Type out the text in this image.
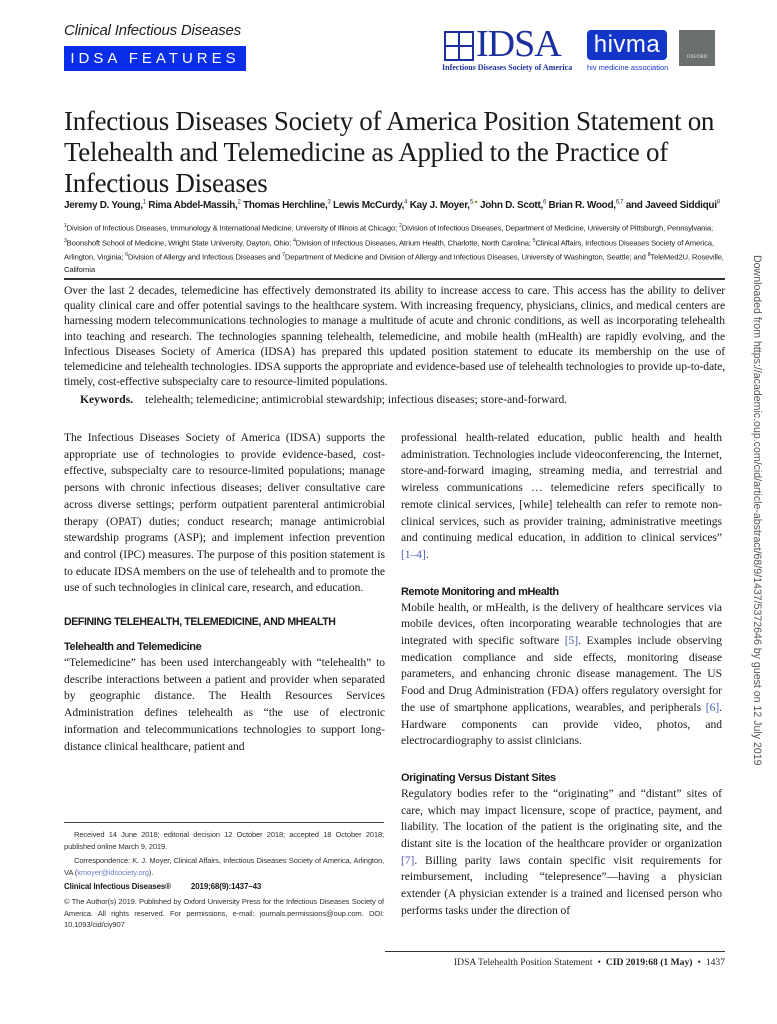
Clinical Infectious Diseases
IDSA FEATURES	IDSA
Infectious Diseases Society of America
hivma
hiv medicine association
OXFORD
Infectious Diseases Society of America Position Statement on Telehealth and Telemedicine as Applied to the Practice of Infectious Diseases
Jeremy D. Young,$^1$ Rima Abdel-Massih,$^2$ Thomas Herchline,$^3$ Lewis McCurdy,$^4$ Kay J. Moyer,$^{5,●}$ John D. Scott,$^6$ Brian R. Wood,$^{6,7}$ and Javeed Siddiqui$^8$
$^1$Division of Infectious Diseases, Immunology & International Medicine, University of Illinois at Chicago; $^2$Division of Infectious Diseases, Department of Medicine, University of Pittsburgh, Pennsylvania; $^3$Boonshoft School of Medicine, Wright State University, Dayton, Ohio; $^4$Division of Infectious Diseases, Atrium Health, Charlotte, North Carolina; $^5$Clinical Affairs, Infectious Diseases Society of America, Arlington, Virginia; $^6$Division of Allergy and Infectious Diseases and $^7$Department of Medicine and Division of Allergy and Infectious Diseases, University of Washington, Seattle; and $^8$TeleMed2U, Roseville, California
Over the last 2 decades, telemedicine has effectively demonstrated its ability to increase access to care. This access has the ability to deliver quality clinical care and offer potential savings to the healthcare system. With increasing frequency, physicians, clinics, and medical centers are harnessing modern telecommunications technologies to manage a multitude of acute and chronic conditions, as well as incorporating telehealth into teaching and research. The technologies spanning telehealth, telemedicine, and mobile health (mHealth) are rapidly evolving, and the Infectious Diseases Society of America (IDSA) has prepared this updated position statement to educate its membership on the use of telemedicine and telehealth technologies. IDSA supports the appropriate and evidence-based use of telehealth technologies to provide up-to-date, timely, cost-effective subspecialty care to resource-limited populations.
Keywords. telehealth; telemedicine; antimicrobial stewardship; infectious diseases; store-and-forward.

The Infectious Diseases Society of America (IDSA) supports the appropriate use of technologies to provide evidence-based, cost-effective, subspecialty care to resource-limited populations; manage persons with chronic infectious diseases; deliver consultative care across diverse settings; perform outpatient parenteral antimicrobial therapy (OPAT) duties; conduct research; manage antimicrobial stewardship programs (ASP); and implement infection prevention and control (IPC) measures. The purpose of this position statement is to educate IDSA members on the use of telehealth and to promote the use of such technologies in clinical care, research, and education.

DEFINING TELEHEALTH, TELEMEDICINE, AND MHEALTH
Telehealth and Telemedicine

“Telemedicine” has been used interchangeably with “telehealth” to describe interactions between a patient and provider when separated by geographic distance. The Health Resources Services Administration defines telehealth as “the use of electronic information and telecommunications technologies to support long-distance clinical healthcare, patient and

professional health-related education, public health and health administration. Technologies include videoconferencing, the Internet, store-and-forward imaging, streaming media, and terrestrial and wireless communications … telemedicine refers specifically to remote clinical services, [while] telehealth can refer to remote non-clinical services, such as provider training, administrative meetings and continuing medical education, in addition to clinical services” [1–4].

Remote Monitoring and mHealth

Mobile health, or mHealth, is the delivery of healthcare services via mobile devices, often incorporating wearable technologies that are integrated with specific software [5]. Examples include observing medication compliance and side effects, monitoring disease parameters, and enhancing chronic disease management. The US Food and Drug Administration (FDA) offers regulatory oversight for the use of smartphone applications, wearables, and peripherals [6]. Hardware components can provide video, photos, and electrocardiography to assist clinicians.

Originating Versus Distant Sites

Regulatory bodies refer to the “originating” and “distant” sites of care, which may impact licensure, scope of practice, payment, and liability. The location of the patient is the originating site, and the distant site is the location of the healthcare provider or organization [7]. Billing parity laws contain specific visit requirements for reimbursement, including “telepresence”—having a physician extender (A physician extender is a trained and licensed person who performs tasks under the direction of

Received 14 June 2018; editorial decision 12 October 2018; accepted 18 October 2018; published online March 9, 2019.

Correspondence: K. J. Moyer, Clinical Affairs, Infectious Diseases Society of America, Arlington, VA (kmoyer@idsociety.org).

Clinical Infectious Diseases®	2019;68(9):1437–43

© The Author(s) 2019. Published by Oxford University Press for the Infectious Diseases Society of America. All rights reserved. For permissions, e-mail: journals.permissions@oup.com. DOI: 10.1093/cid/ciy907

IDSA Telehealth Position Statement • CID 2019:68 (1 May) • 1437
Downloaded from https://academic.oup.com/cid/article-abstract/68/9/1437/5372646 by guest on 12 July 2019
